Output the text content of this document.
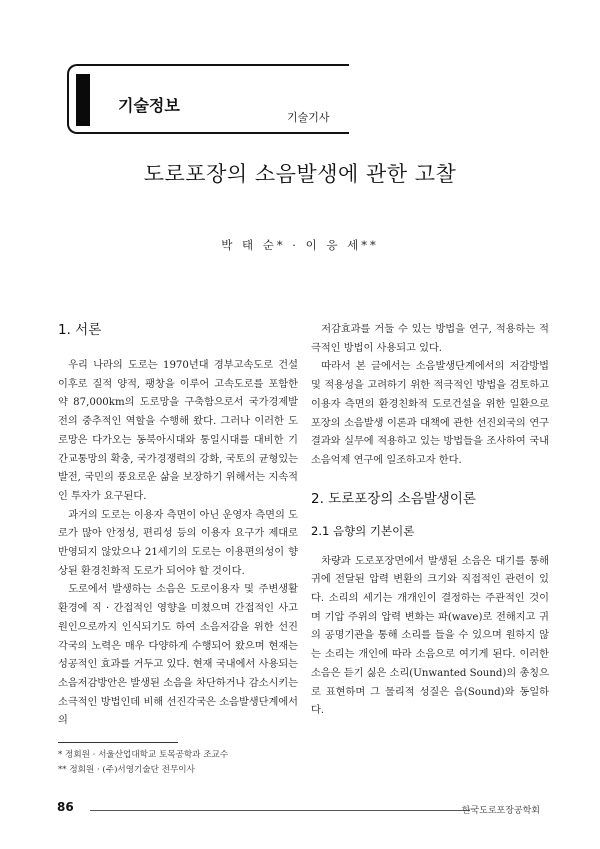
기술정보
기술기사
도로포장의 소음발생에 관한 고찰
박 태 순* · 이 응 세**
1. 서론

우리 나라의 도로는 1970년대 경부고속도로 건설 이후로 질적 양적, 팽창을 이루어 고속도로를 포함한 약 87,000km의 도로망을 구축함으로서 국가경제발전의 중추적인 역할을 수행해 왔다. 그러나 이러한 도로망은 다가오는 동북아시대와 통일시대를 대비한 기간교통망의 확충, 국가경쟁력의 강화, 국토의 균형있는 발전, 국민의 풍요로운 삶을 보장하기 위해서는 지속적인 투자가 요구된다.

과거의 도로는 이용자 측면이 아닌 운영자 측면의 도로가 많아 안정성, 편리성 등의 이용자 요구가 제대로 반영되지 않았으나 21세기의 도로는 이용편의성이 향상된 환경친화적 도로가 되어야 할 것이다.

도로에서 발생하는 소음은 도로이용자 및 주변생활 환경에 직 · 간접적인 영향을 미쳤으며 간접적인 사고원인으로까지 인식되기도 하여 소음저감을 위한 선진각국의 노력은 매우 다양하게 수행되어 왔으며 현재는 성공적인 효과를 거두고 있다. 현재 국내에서 사용되는 소음저감방안은 발생된 소음을 차단하거나 감소시키는 소극적인 방법인데 비해 선진각국은 소음발생단계에서의

저감효과를 거둘 수 있는 방법을 연구, 적용하는 적극적인 방법이 사용되고 있다.

따라서 본 글에서는 소음발생단계에서의 저감방법 및 적용성을 고려하기 위한 적극적인 방법을 검토하고 이용자 측면의 환경친화적 도로건설을 위한 일환으로 포장의 소음발생 이론과 대책에 관한 선진외국의 연구결과와 실무에 적용하고 있는 방법들을 조사하여 국내 소음억제 연구에 일조하고자 한다.

2. 도로포장의 소음발생이론
2.1 음향의 기본이론

차량과 도로포장면에서 발생된 소음은 대기를 통해 귀에 전달된 압력 변환의 크기와 직접적인 관련이 있다. 소리의 세기는 개개인이 결정하는 주관적인 것이며 기압 주위의 압력 변화는 파(wave)로 전해지고 귀의 공명기관을 통해 소리를 들을 수 있으며 원하지 않는 소리는 개인에 따라 소음으로 여기게 된다. 이러한 소음은 듣기 싫은 소리(Unwanted Sound)의 총칭으로 표현하며 그 물리적 성질은 음(Sound)와 동일하다.

* 정회원 · 서울산업대학교 토목공학과 조교수
** 정회원 · (주)서영기술단 전무이사
86	한국도로포장공학회
